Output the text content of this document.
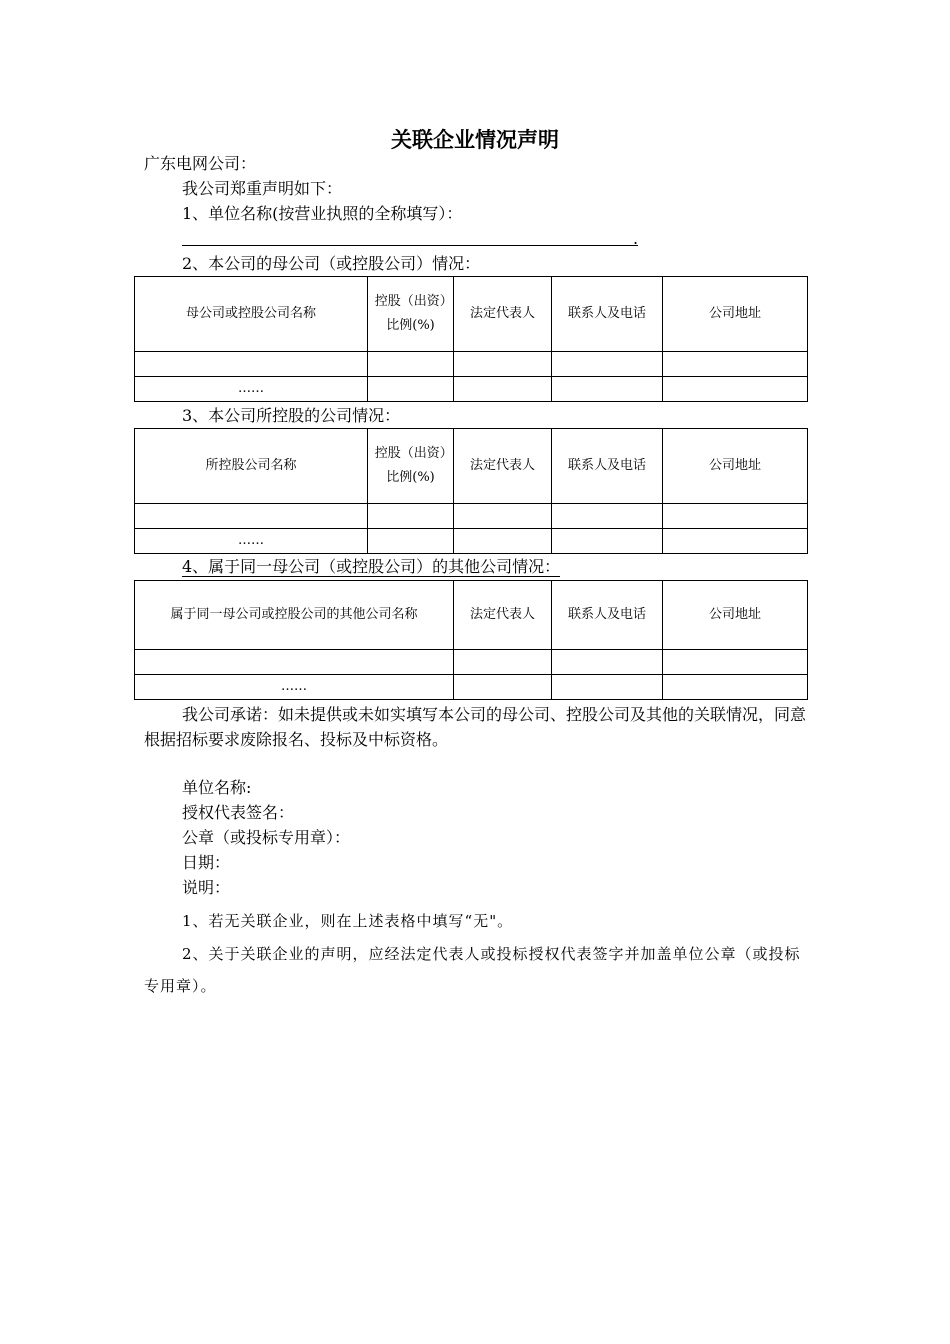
关联企业情况声明
广东电网公司：
我公司郑重声明如下：
1、单位名称(按营业执照的全称填写）：
.
2、本公司的母公司（或控股公司）情况：
母公司或控股公司名称	控股（出资）比例(%)	法定代表人	联系人及电话	公司地址

……				
3、本公司所控股的公司情况：
所控股公司名称	控股（出资）比例(%)	法定代表人	联系人及电话	公司地址

……				
4、属于同一母公司（或控股公司）的其他公司情况：
属于同一母公司或控股公司的其他公司名称	法定代表人	联系人及电话	公司地址

……			
我公司承诺：如未提供或未如实填写本公司的母公司、控股公司及其他的关联情况，同意根据招标要求废除报名、投标及中标资格。
单位名称:
授权代表签名：
公章（或投标专用章）：
日期：
说明：
1、若无关联企业，则在上述表格中填写“无"。
2、关于关联企业的声明，应经法定代表人或投标授权代表签字并加盖单位公章（或投标专用章）。
